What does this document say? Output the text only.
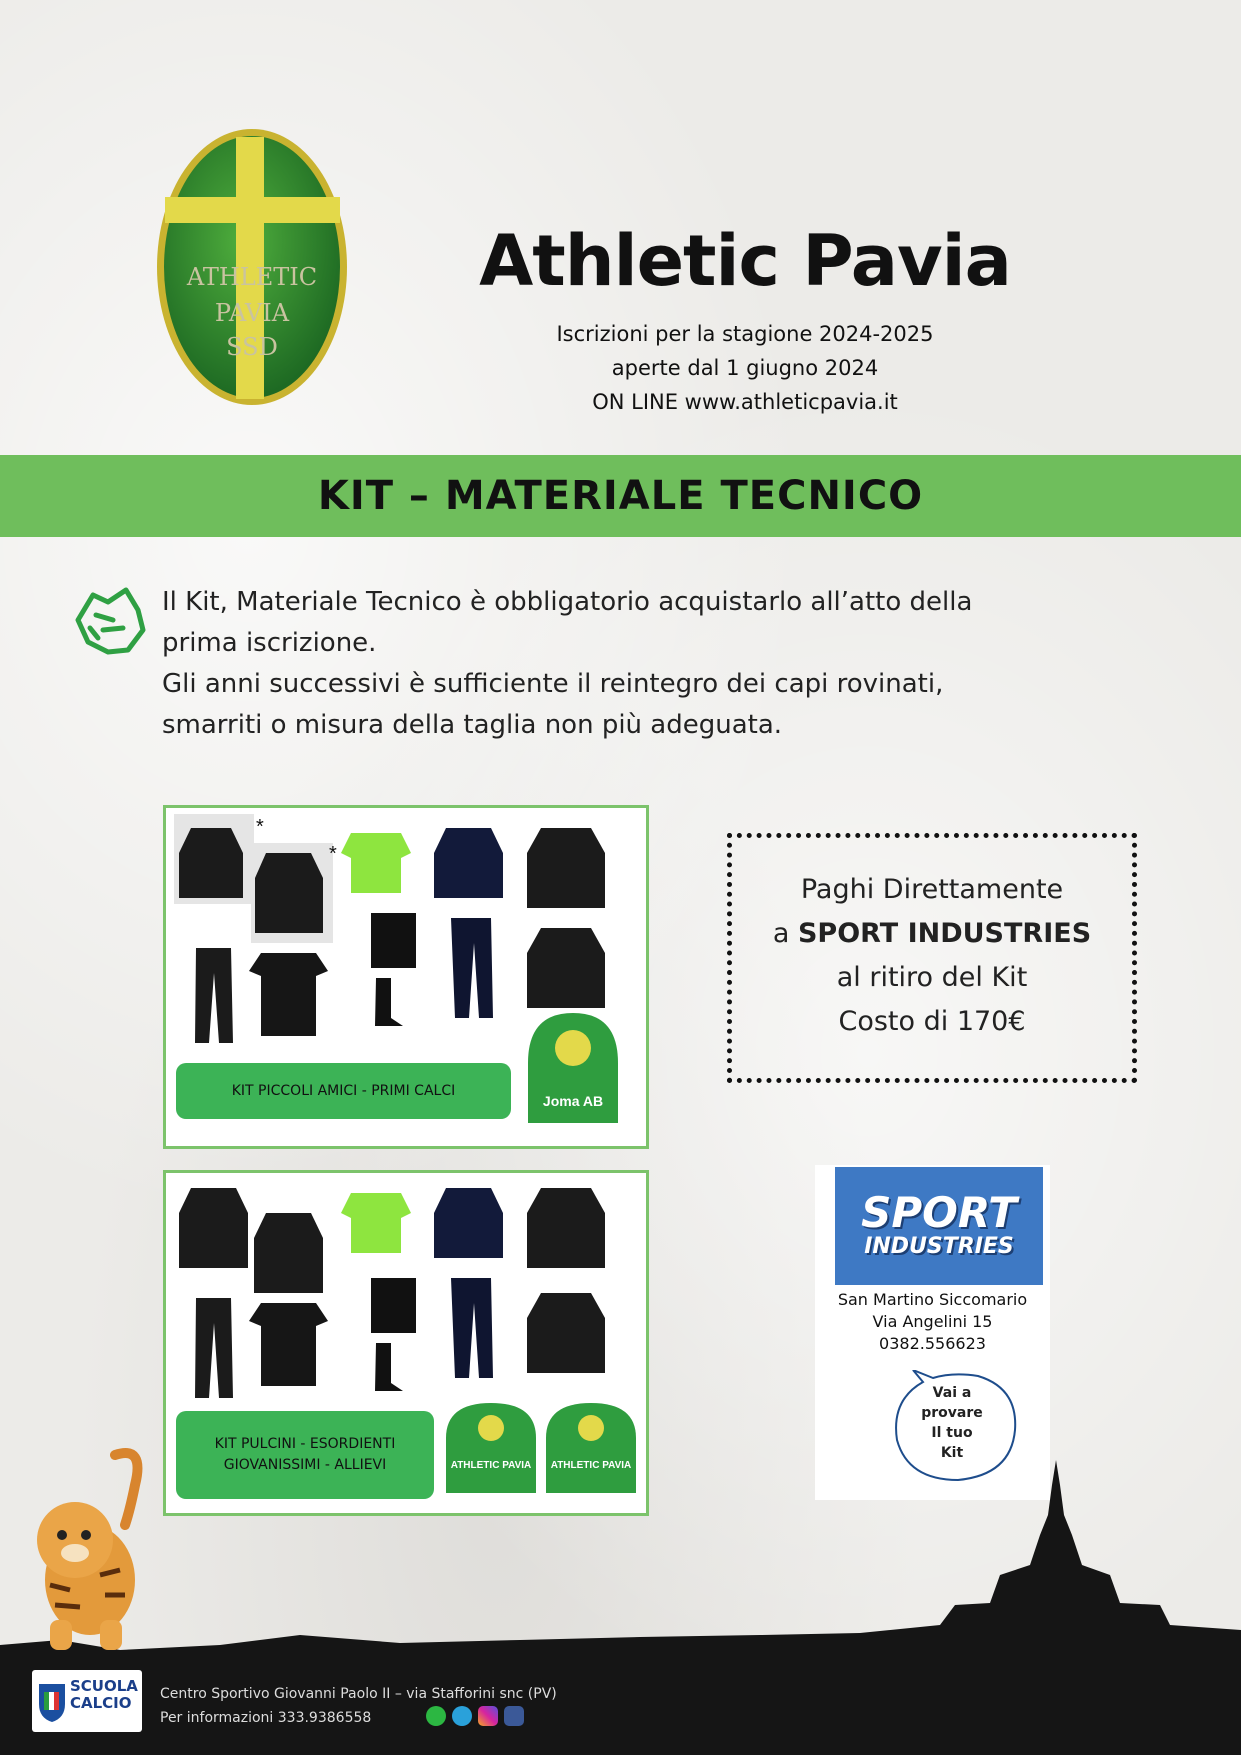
ATHLETIC
PAVIA
SSD
Athletic Pavia
Iscrizioni per la stagione 2024-2025
aperte dal 1 giugno 2024
ON LINE www.athleticpavia.it
KIT – MATERIALE TECNICO

Il Kit, Materiale Tecnico è obbligatorio acquistarlo all’atto della

prima iscrizione.

Gli anni successivi è sufficiente il reintegro dei capi rovinati,

smarriti o misura della taglia non più adeguata.

*
*
Joma AB
KIT PICCOLI AMICI - PRIMI CALCI
ATHLETIC PAVIA ATHLETIC PAVIA
KIT PULCINI - ESORDIENTI
GIOVANISSIMI - ALLIEVI
Paghi Direttamente
a SPORT INDUSTRIES
al ritiro del Kit
Costo di 170€
SPORT
INDUSTRIES
San Martino Siccomario
Via Angelini 15
0382.556623
Vai a
provare
Il tuo
Kit
SCUOLA
CALCIO	Centro Sportivo Giovanni Paolo II – via Stafforini snc (PV)
Per informazioni 333.9386558
